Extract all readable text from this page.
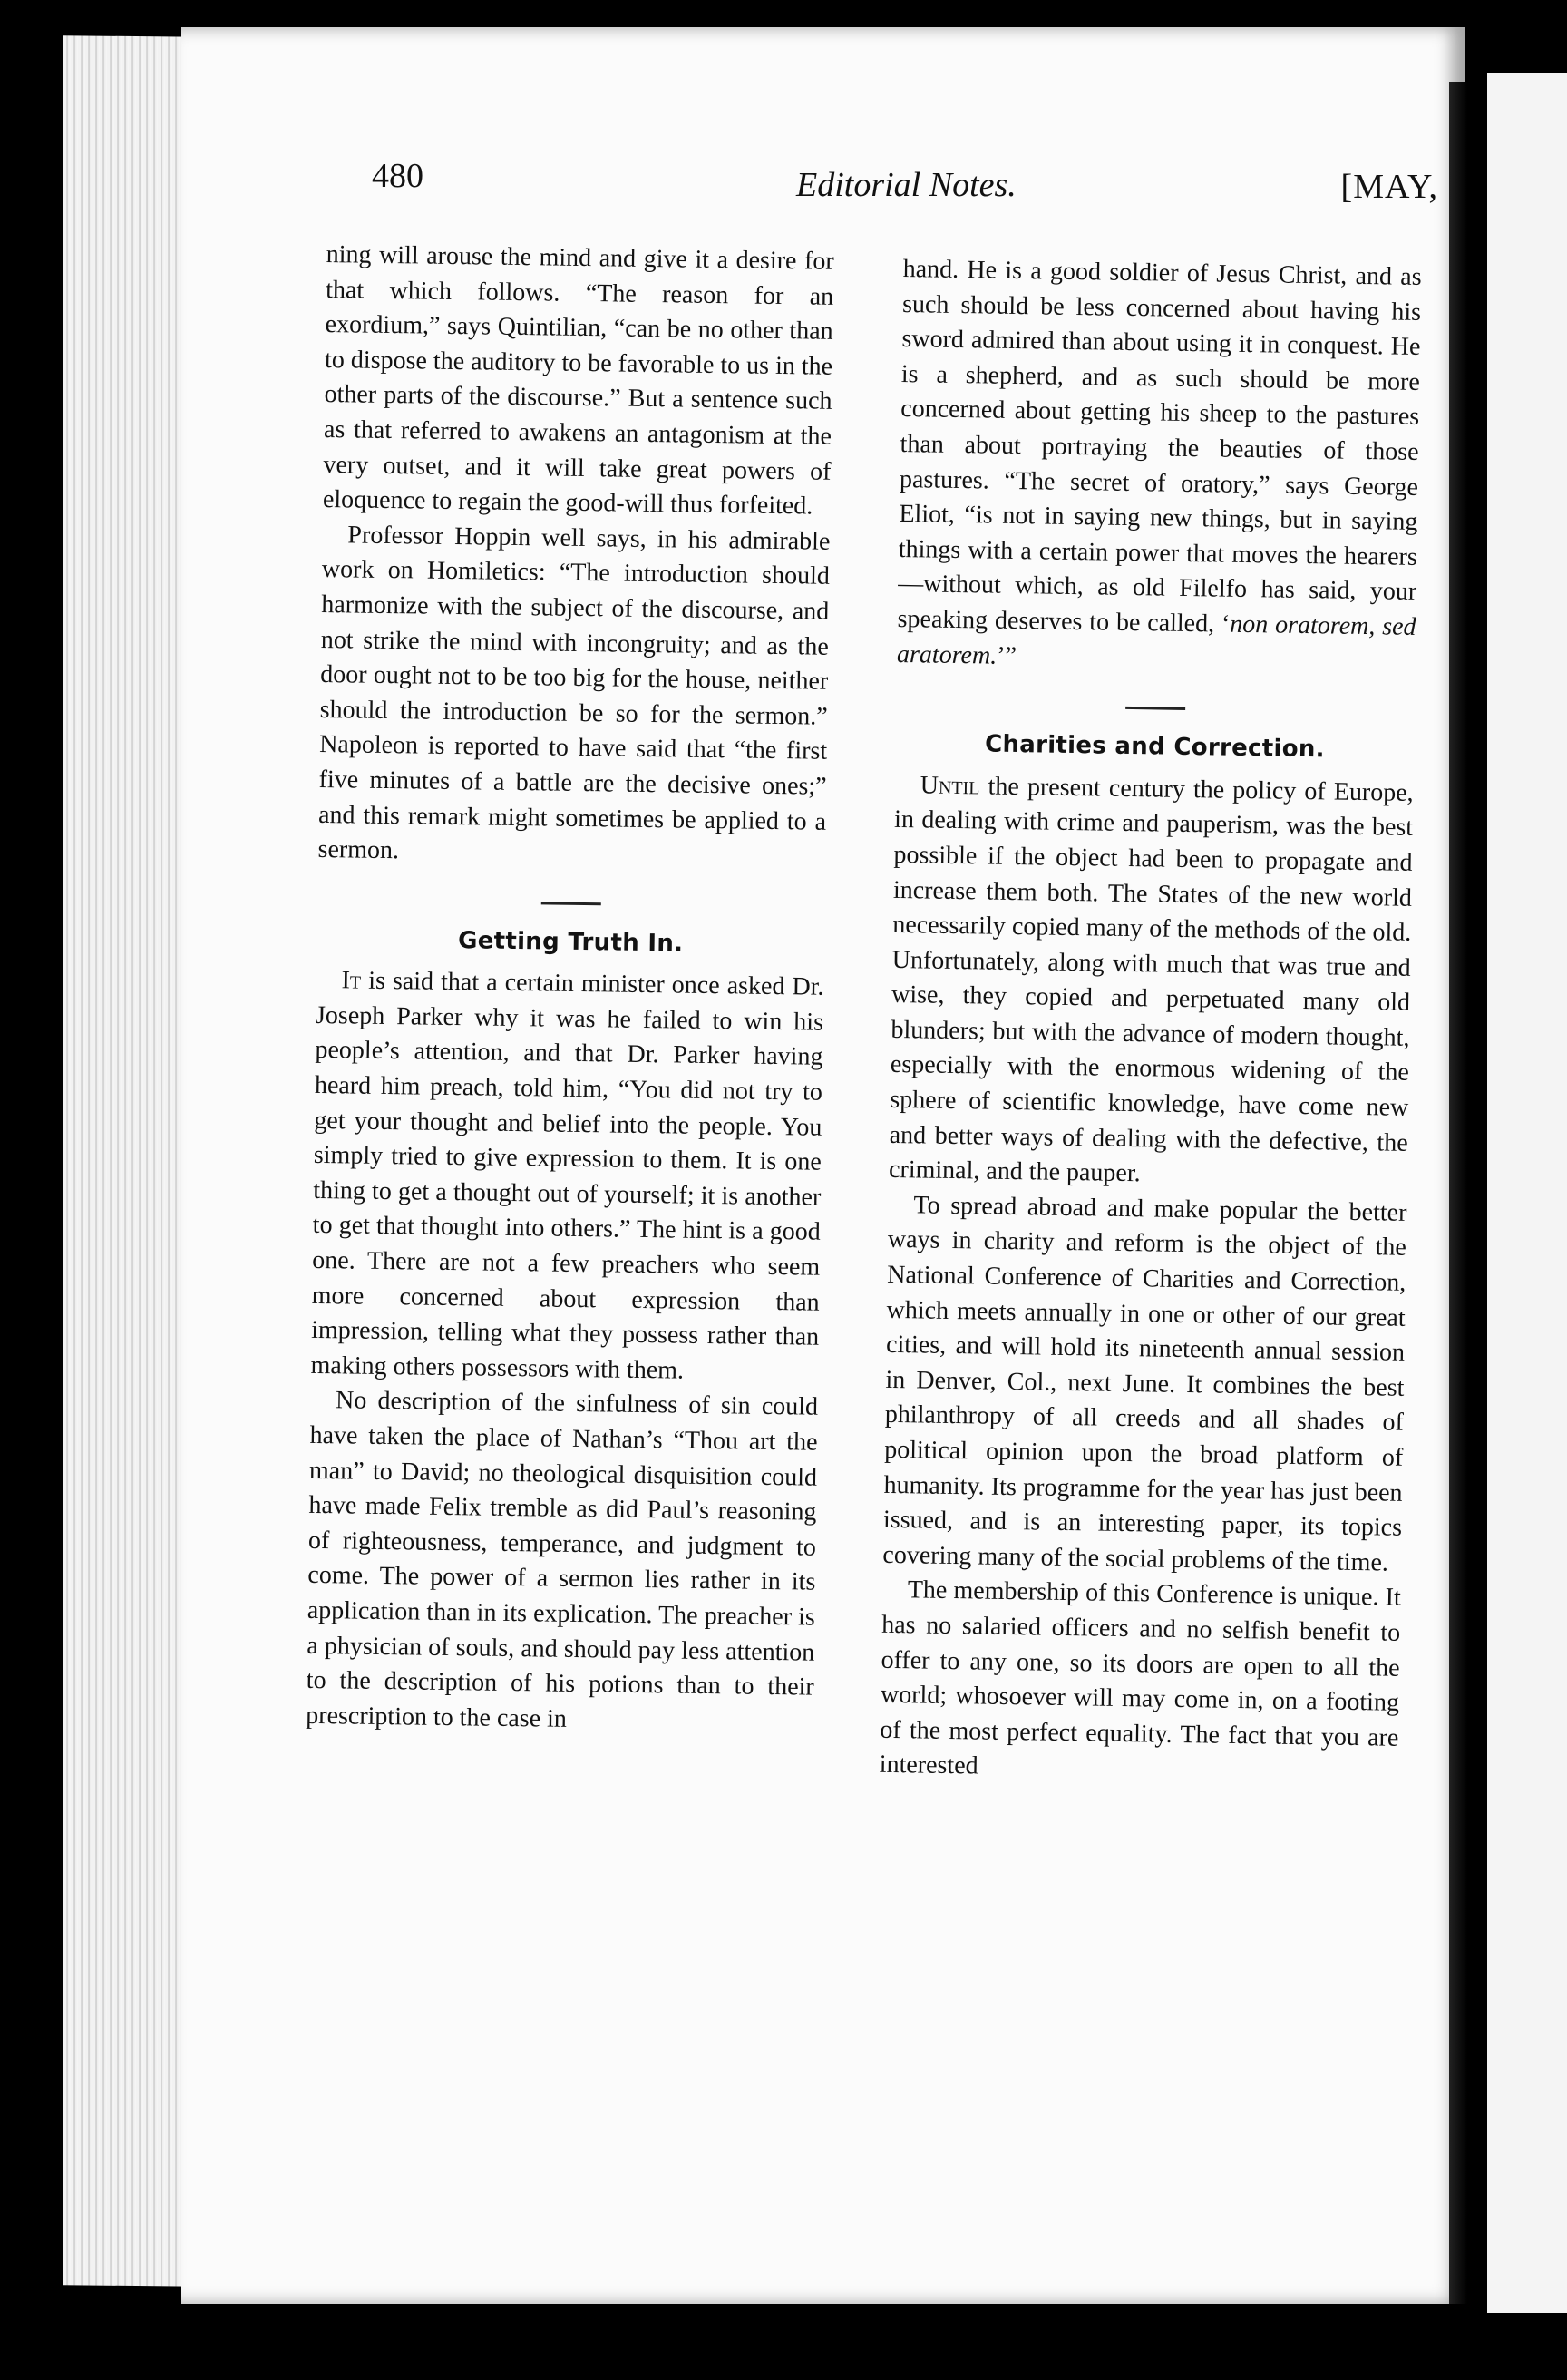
480	Editorial Notes.	[MAY,

ning will arouse the mind and give it a desire for that which follows. “The reason for an exordium,” says Quintilian, “can be no other than to dispose the auditory to be favorable to us in the other parts of the discourse.” But a sentence such as that referred to awakens an antagonism at the very outset, and it will take great powers of eloquence to regain the good-will thus forfeited.

Professor Hoppin well says, in his admirable work on Homiletics: “The introduction should harmonize with the subject of the discourse, and not strike the mind with incongruity; and as the door ought not to be too big for the house, neither should the introduction be so for the sermon.” Napoleon is reported to have said that “the first five minutes of a battle are the decisive ones;” and this remark might sometimes be applied to a sermon.

Getting Truth In.

It is said that a certain minister once asked Dr. Joseph Parker why it was he failed to win his people’s attention, and that Dr. Parker having heard him preach, told him, “You did not try to get your thought and belief into the people. You simply tried to give expression to them. It is one thing to get a thought out of yourself; it is another to get that thought into others.” The hint is a good one. There are not a few preachers who seem more concerned about expression than impression, telling what they possess rather than making others possessors with them.

No description of the sinfulness of sin could have taken the place of Nathan’s “Thou art the man” to David; no theological disquisition could have made Felix tremble as did Paul’s reasoning of righteousness, temperance, and judgment to come. The power of a sermon lies rather in its application than in its explication. The preacher is a physician of souls, and should pay less attention to the description of his potions than to their prescription to the case in

hand. He is a good soldier of Jesus Christ, and as such should be less concerned about having his sword admired than about using it in conquest. He is a shepherd, and as such should be more concerned about getting his sheep to the pastures than about portraying the beauties of those pastures. “The secret of oratory,” says George Eliot, “is not in saying new things, but in saying things with a certain power that moves the hearers—without which, as old Filelfo has said, your speaking deserves to be called, ‘non oratorem, sed aratorem.’”

Charities and Correction.

Until the present century the policy of Europe, in dealing with crime and pauperism, was the best possible if the object had been to propagate and increase them both. The States of the new world necessarily copied many of the methods of the old. Unfortunately, along with much that was true and wise, they copied and perpetuated many old blunders; but with the advance of modern thought, especially with the enormous widening of the sphere of scientific knowledge, have come new and better ways of dealing with the defective, the criminal, and the pauper.

To spread abroad and make popular the better ways in charity and reform is the object of the National Conference of Charities and Correction, which meets annually in one or other of our great cities, and will hold its nineteenth annual session in Denver, Col., next June. It combines the best philanthropy of all creeds and all shades of political opinion upon the broad platform of humanity. Its programme for the year has just been issued, and is an interesting paper, its topics covering many of the social problems of the time.

The membership of this Conference is unique. It has no salaried officers and no selfish benefit to offer to any one, so its doors are open to all the world; whosoever will may come in, on a footing of the most perfect equality. The fact that you are interested
